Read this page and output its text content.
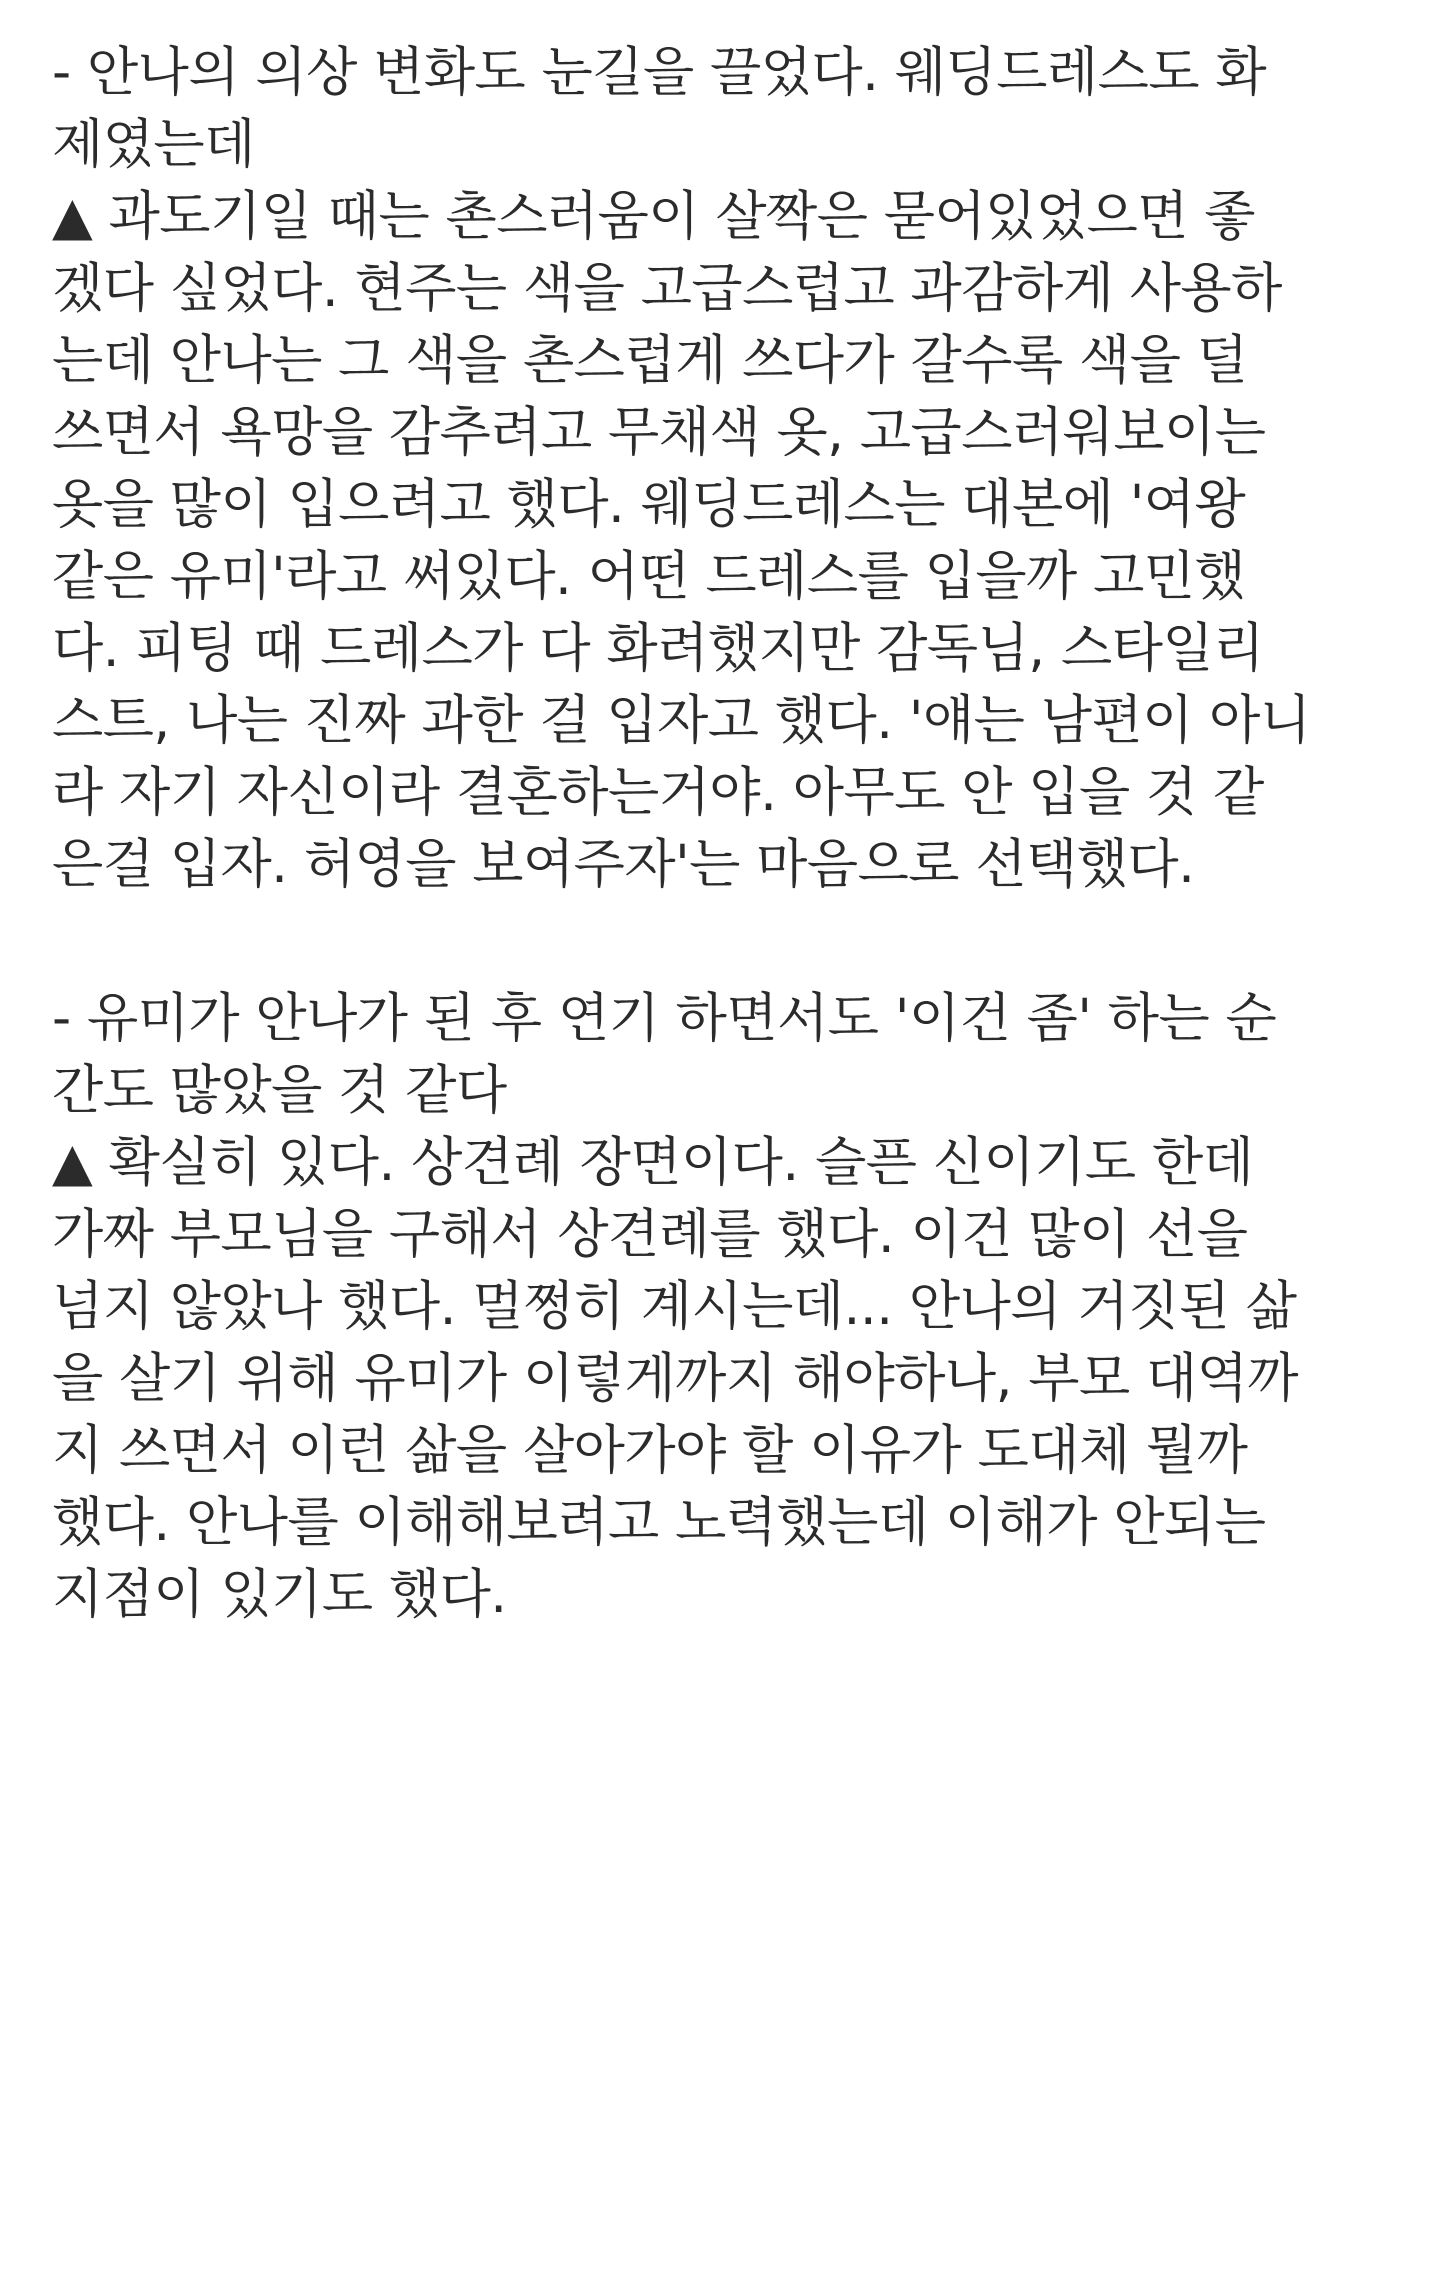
- 안나의 의상 변화도 눈길을 끌었다. 웨딩드레스도 화
제였는데
▲ 과도기일 때는 촌스러움이 살짝은 묻어있었으면 좋
겠다 싶었다. 현주는 색을 고급스럽고 과감하게 사용하
는데 안나는 그 색을 촌스럽게 쓰다가 갈수록 색을 덜
쓰면서 욕망을 감추려고 무채색 옷, 고급스러워보이는
옷을 많이 입으려고 했다. 웨딩드레스는 대본에 '여왕
같은 유미'라고 써있다. 어떤 드레스를 입을까 고민했
다. 피팅 때 드레스가 다 화려했지만 감독님, 스타일리
스트, 나는 진짜 과한 걸 입자고 했다. '얘는 남편이 아니
라 자기 자신이라 결혼하는거야. 아무도 안 입을 것 같
은걸 입자. 허영을 보여주자'는 마음으로 선택했다.
- 유미가 안나가 된 후 연기 하면서도 '이건 좀' 하는 순
간도 많았을 것 같다
▲ 확실히 있다. 상견례 장면이다. 슬픈 신이기도 한데
가짜 부모님을 구해서 상견례를 했다. 이건 많이 선을
넘지 않았나 했다. 멀쩡히 계시는데... 안나의 거짓된 삶
을 살기 위해 유미가 이렇게까지 해야하나, 부모 대역까
지 쓰면서 이런 삶을 살아가야 할 이유가 도대체 뭘까
했다. 안나를 이해해보려고 노력했는데 이해가 안되는
지점이 있기도 했다.
